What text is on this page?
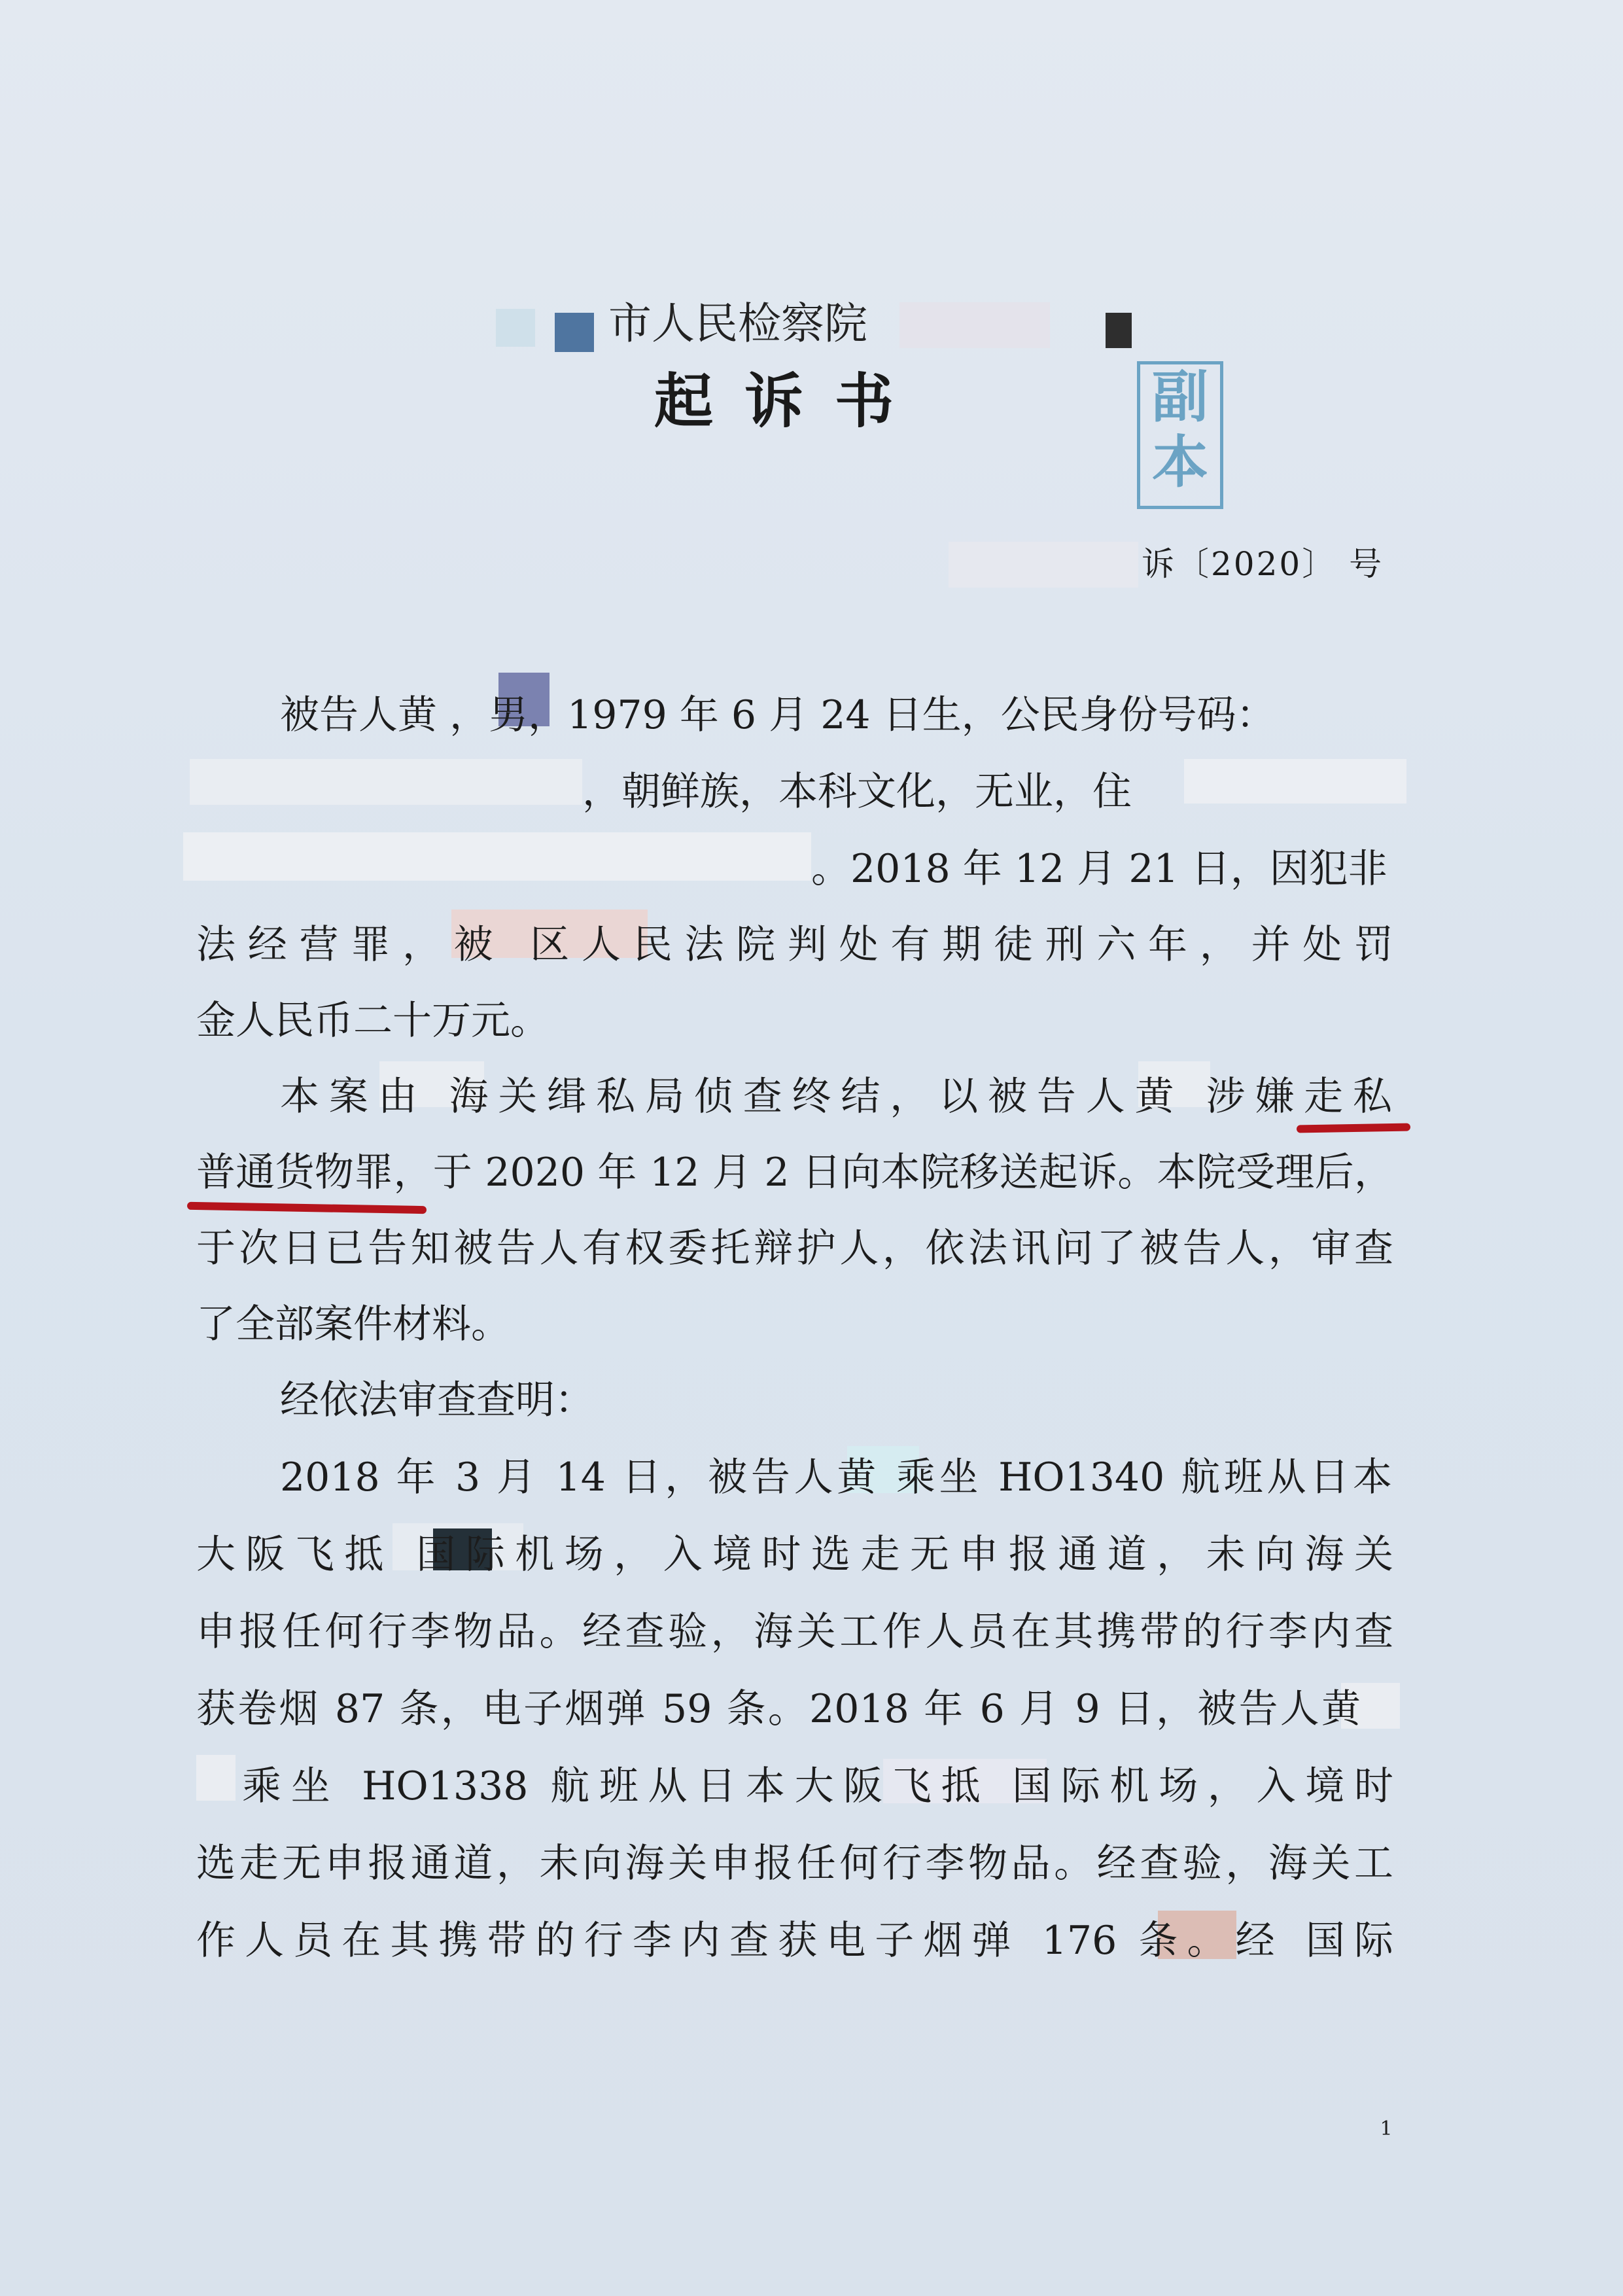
市人民检察院
起诉书	副
本
诉〔2020〕 号
被告人黄 ，男，1979 年 6 月 24 日生，公民身份号码：
，朝鲜族，本科文化，无业，住
。2018 年 12 月 21 日，因犯非
法经营罪，被 区人民法院判处有期徒刑六年，并处罚
金人民币二十万元。
本案由 海关缉私局侦查终结，以被告人黄 涉嫌走私
普通货物罪，于 2020 年 12 月 2 日向本院移送起诉。本院受理后，
于次日已告知被告人有权委托辩护人，依法讯问了被告人，审查
了全部案件材料。
经依法审查查明：
2018 年 3 月 14 日，被告人黄 乘坐 HO1340 航班从日本
大阪飞抵 国际机场，入境时选走无申报通道，未向海关
申报任何行李物品。经查验，海关工作人员在其携带的行李内查
获卷烟 87 条，电子烟弹 59 条。2018 年 6 月 9 日，被告人黄
乘坐 HO1338 航班从日本大阪飞抵 国际机场，入境时
选走无申报通道，未向海关申报任何行李物品。经查验，海关工
作人员在其携带的行李内查获电子烟弹 176 条。经 国际
1
